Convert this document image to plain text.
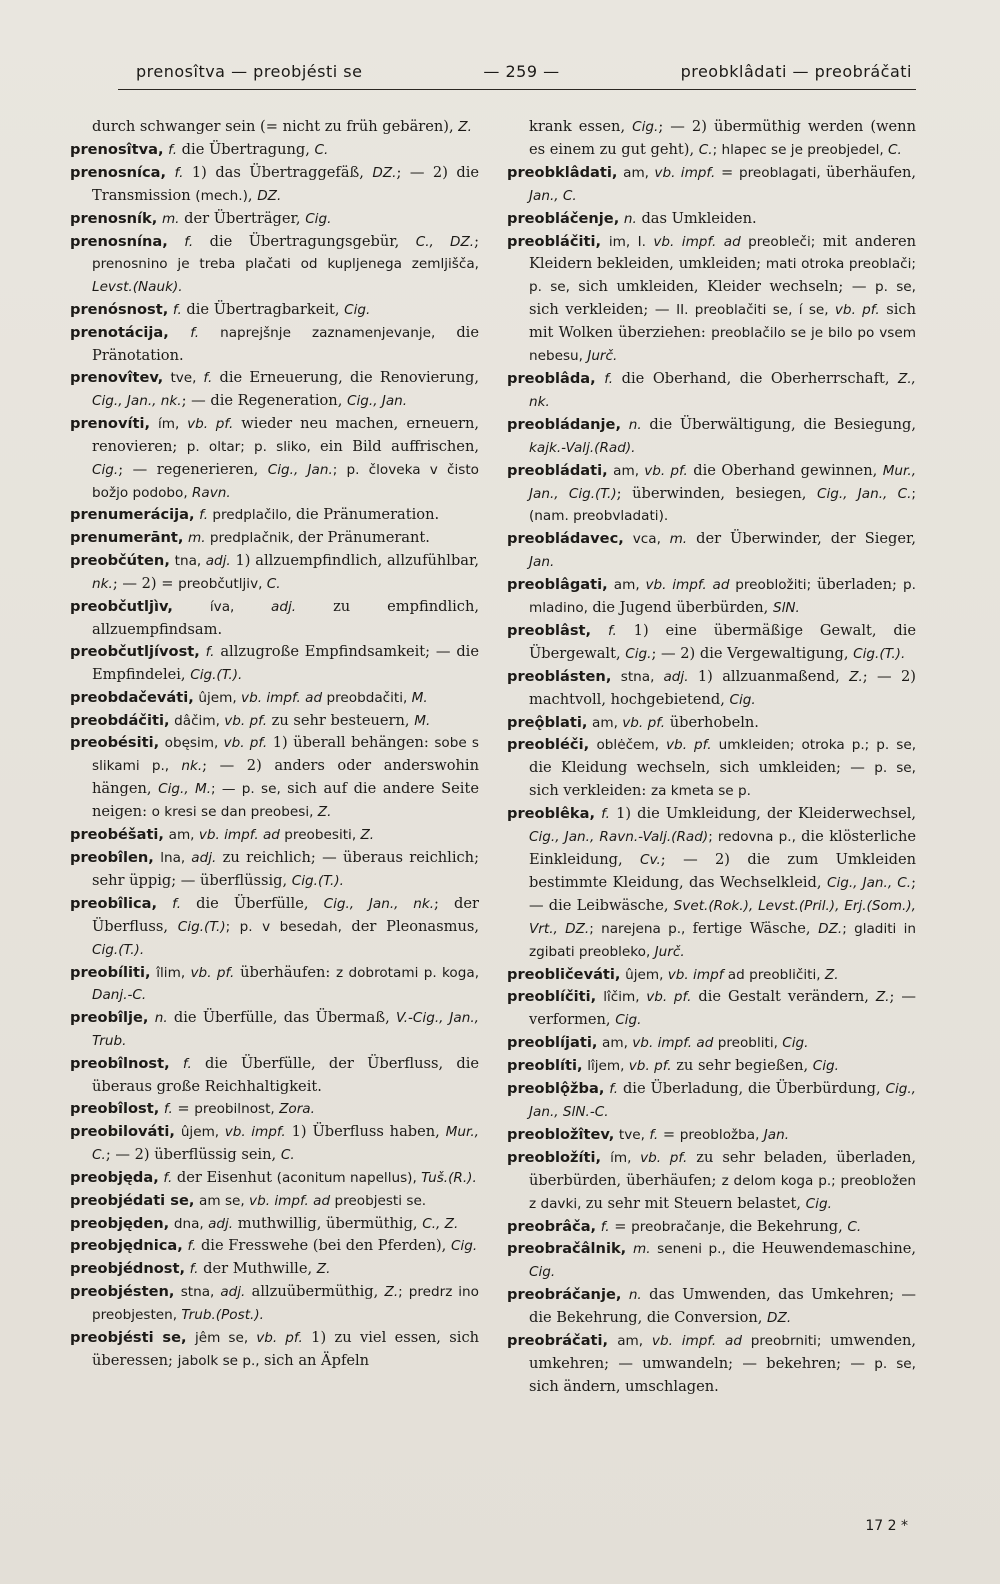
prenosîtva — preobjésti se	— 259 —	preobklâdati — preobráčati

durch schwanger sein (= nicht zu früh gebären), Z.

prenosîtva, f. die Übertragung, C.

prenosníca, f. 1) das Übertraggefäß, DZ.; — 2) die Transmission (mech.), DZ.

prenosník, m. der Überträger, Cig.

prenosnína, f. die Übertragungsgebür, C., DZ.; prenosnino je treba plačati od kupljenega zemljišča, Levst.(Nauk).

prenósnost, f. die Übertragbarkeit, Cig.

prenotácija, f. naprejšnje zaznamenjevanje, die Pränotation.

prenovîtev, tve, f. die Erneuerung, die Renovierung, Cig., Jan., nk.; — die Regeneration, Cig., Jan.

prenovíti, ím, vb. pf. wieder neu machen, erneuern, renovieren; p. oltar; p. sliko, ein Bild auffrischen, Cig.; — regenerieren, Cig., Jan.; p. človeka v čisto božjo podobo, Ravn.

prenumerácija, f. predplačilo, die Pränumeration.

prenumerānt, m. predplačnik, der Pränumerant.

preobčúten, tna, adj. 1) allzuempfindlich, allzufühlbar, nk.; — 2) = preobčutljiv, C.

preobčutljìv,	íva, adj. zu empfindlich, allzuempfindsam.

preobčutljívost, f. allzugroße Empfindsamkeit; — die Empfindelei, Cig.(T.).

preobdačeváti, ûjem, vb. impf. ad preobdačiti, M.

preobdáčiti, dâčim, vb. pf. zu sehr besteuern, M.

preobésiti, obęsim, vb. pf. 1) überall behängen: sobe s slikami p., nk.; — 2) anders oder anderswohin hängen, Cig., M.; — p. se, sich auf die andere Seite neigen: o kresi se dan preobesi, Z.

preobéšati, am, vb. impf. ad preobesiti, Z.

preobîlen, lna, adj. zu reichlich; — überaus reichlich; sehr üppig; — überflüssig, Cig.(T.).

preobîlica, f. die Überfülle, Cig., Jan., nk.; der Überfluss, Cig.(T.); p. v besedah, der Pleonasmus, Cig.(T.).

preobíliti, îlim, vb. pf. überhäufen: z dobrotami p. koga, Danj.-C.

preobîlje, n. die Überfülle, das Übermaß, V.-Cig., Jan., Trub.

preobîlnost, f. die Überfülle, der Überfluss, die überaus große Reichhaltigkeit.

preobîlost, f. = preobilnost, Zora.

preobilováti, ûjem, vb. impf. 1) Überfluss haben, Mur., C.; — 2) überflüssig sein, C.

preobjęda, f. der Eisenhut (aconitum napellus), Tuš.(R.).

preobjédati se, am se, vb. impf. ad preobjesti se.

preobjęden, dna, adj. muthwillig, übermüthig, C., Z.

preobjęd​nica, f. die Fresswehe (bei den Pferden), Cig.

preobjédnost, f. der Muthwille, Z.

preobjésten, stna, adj. allzuübermüthig, Z.; predrz ino preobjesten, Trub.(Post.).

preobjésti se, jêm se, vb. pf. 1) zu viel essen, sich überessen; jabolk se p., sich an Äpfeln

krank essen, Cig.; — 2) übermüthig werden (wenn es einem zu gut geht), C.; hlapec se je preobjedel, C.

preobklâdati, am, vb. impf. = preoblagati, überhäufen, Jan., C.

preobláčenje, n. das Umkleiden.

preobláčiti, im, I. vb. impf. ad preobleči; mit anderen Kleidern bekleiden, umkleiden; mati otroka preoblači; p. se, sich umkleiden, Kleider wechseln; — p. se, sich verkleiden; — II. preoblačiti se, í se, vb. pf. sich mit Wolken überziehen: preoblačilo se je bilo po vsem nebesu, Jurč.

preoblâda, f. die Oberhand, die Oberherrschaft, Z., nk.

preobládanje, n. die Überwältigung, die Besiegung, kajk.-Valj.(Rad).

preobládati, am, vb. pf. die Oberhand gewinnen, Mur., Jan., Cig.(T.); überwinden, besiegen, Cig., Jan., C.; (nam. preobvladati).

preobládavec, vca, m. der Überwinder, der Sieger, Jan.

preoblâgati, am, vb. impf. ad preobložiti; überladen; p. mladino, die Jugend überbürden, SlN.

preoblâst, f. 1) eine übermäßige Gewalt, die Übergewalt, Cig.; — 2) die Vergewaltigung, Cig.(T.).

preoblásten, stna, adj. 1) allzuanmaßend, Z.; — 2) machtvoll, hochgebietend, Cig.

preǫ̂blati, am, vb. pf. überhobeln.

preobléči, oblėčem, vb. pf. umkleiden; otroka p.; p. se, die Kleidung wechseln, sich umkleiden; — p. se, sich verkleiden: za kmeta se p.

preoblêka, f. 1) die Umkleidung, der Kleiderwechsel, Cig., Jan., Ravn.-Valj.(Rad); redovna p., die klösterliche Einkleidung, Cv.; — 2) die zum Umkleiden bestimmte Kleidung, das Wechselkleid, Cig., Jan., C.; — die Leibwäsche, Svet.(Rok.), Levst.(Pril.), Erj.(Som.), Vrt., DZ.; narejena p., fertige Wäsche, DZ.; gladiti in zgibati preobleko, Jurč.

preobličeváti, ûjem, vb. impf ad preobličiti, Z.

preoblíčiti, lîčim, vb. pf. die Gestalt verändern, Z.; — verformen, Cig.

preoblíjati, am, vb. impf. ad preobliti, Cig.

preoblíti, lîjem, vb. pf. zu sehr begießen, Cig.

preoblǫ̂žba, f. die Überladung, die Überbürdung, Cig., Jan., SlN.-C.

preobložîtev, tve, f. = preobložba, Jan.

preobložíti, ím, vb. pf. zu sehr beladen, überladen, überbürden, überhäufen; z delom koga p.; preobložen z davki, zu sehr mit Steuern belastet, Cig.

preobrâča, f. = preobračanje, die Bekehrung, C.

preobračâlnik, m. seneni p., die Heuwendemaschine, Cig.

preobráčanje, n. das Umwenden, das Umkehren; — die Bekehrung, die Conversion, DZ.

preobráčati, am, vb. impf. ad preobrniti; umwenden, umkehren; — umwandeln; — bekehren; — p. se, sich ändern, umschlagen.

17 2 *
